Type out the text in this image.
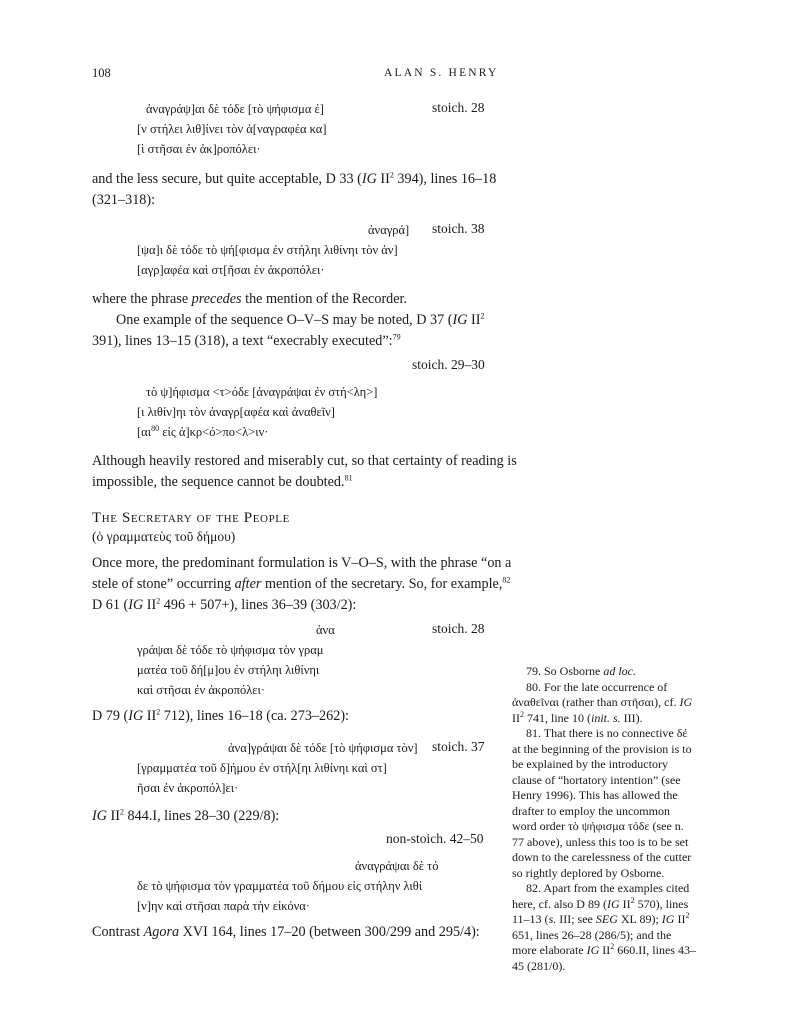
108	ALAN S. HENRY
stoich. 28
ἀναγράψ]αι δὲ τόδε [τὸ ψήφισμα ἐ]
[ν στήλει λιθ]ίνει τὸν ἀ[ναγραφέα κα]
[ὶ στῆσαι ἐν ἀκ]ροπόλει·
and the less secure, but quite acceptable, D 33 (IG $II^2$ 394), lines 16–18
(321–318):
ἀναγρά] stoich. 38
[ψα]ι δὲ τόδε τὸ ψή[φισμα ἐν στήληι λιθίνηι τὸν ἀν]
[αγρ]αφέα καὶ στ[ῆσαι ἐν ἀκροπόλει·
where the phrase precedes the mention of the Recorder.
One example of the sequence O–V–S may be noted, D 37 (IG $II^2$
391), lines 13–15 (318), a text “execrably executed”:$^{79}$
stoich. 29–30
τὸ ψ]ήφισμα <τ>όδε [ἀναγράψαι ἐν στή<λη>]
[ι λιθίν]ηι τὸν ἀναγρ[αφέα καὶ ἀναθεῖν]
[$\alpha\iota^{80}$ εἰς ἀ]κρ<ό>πο<λ>ιν·
Although heavily restored and miserably cut, so that certainty of reading is
impossible, the sequence cannot be doubted.$^{81}$
The Secretary of the People
(ὁ γραμματεὺς τοῦ δήμου)
Once more, the predominant formulation is V–O–S, with the phrase “on a
stele of stone” occurring after mention of the secretary. So, for example,$^{82}$
D 61 (IG $II^2$ 496 + 507+), lines 36–39 (303/2):
ἀνα	stoich. 28
γράψαι δὲ τόδε τὸ ψήφισμα τὸν γραμ
ματέα τοῦ δή[μ]ου ἐν στήληι λιθίνηι
καὶ στῆσαι ἐν ἀκροπόλει·
D 79 (IG $II^2$ 712), lines 16–18 (ca. 273–262):
ἀνα]γράψαι δὲ τόδε [τὸ ψήφισμα τὸν] stoich. 37
[γραμματέα τοῦ δ]ήμου ἐν στήλ[ηι λιθίνηι καὶ στ]
ῆσαι ἐν ἀκροπόλ]ει·
IG $II^2$ 844.I, lines 28–30 (229/8):
non-stoich. 42–50
ἀναγράψαι δὲ τό
δε τὸ ψήφισμα τὸν γραμματέα τοῦ δήμου εἰς στήλην λιθί
[ν]ην καὶ στῆσαι παρὰ τὴν εἰκόνα·
Contrast Agora XVI 164, lines 17–20 (between 300/299 and 295/4):

79. So Osborne ad loc.

80. For the late occurrence of ἀναθεῖναι (rather than στῆσαι), cf. IG $II^2$ 741, line 10 (init. s. III).

81. That there is no connective δέ at the beginning of the provision is to be explained by the introductory clause of “hortatory intention” (see Henry 1996). This has allowed the drafter to employ the uncommon word order τὸ ψήφισμα τόδε (see n. 77 above), unless this too is to be set down to the carelessness of the cutter so rightly deplored by Osborne.

82. Apart from the examples cited here, cf. also D 89 (IG $II^2$ 570), lines 11–13 (s. III; see SEG XL 89); IG $II^2$ 651, lines 26–28 (286/5); and the more elaborate IG $II^2$ 660.II, lines 43–45 (281/0).
